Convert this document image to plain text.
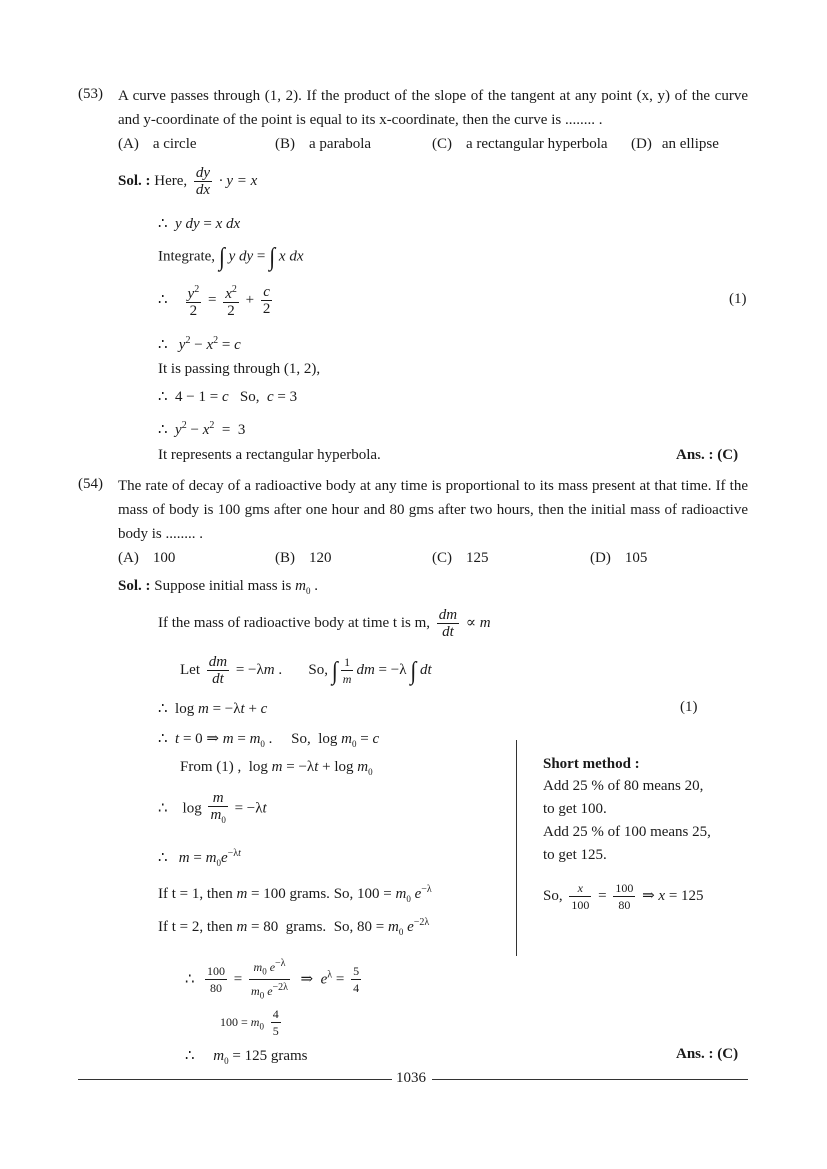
(53) A curve passes through (1, 2). If the product of the slope of the tangent at any point (x, y) of the curve and y-coordinate of the point is equal to its x-coordinate, then the curve is ........ .
(A) a circle	(B) a parabola	(C) a rectangular hyperbola (D) an ellipse
Sol. : Here, $\frac{dy}{dx} \cdot y = x$
∴  y dy = x dx
Integrate, ∫ y dy = ∫ x dx
∴ $\frac{y^2}{2} = \frac{x^2}{2} + \frac{c}{2}$	(1)
∴   $y^2 - x^2 = c$
It is passing through (1, 2),
∴  4 − 1 = c So, c = 3
∴  $y^2 - x^2 = 3$
It represents a rectangular hyperbola.	Ans. : (C)
(54) The rate of decay of a radioactive body at any time is proportional to its mass present at that time. If the mass of body is 100 gms after one hour and 80 gms after two hours, then the initial mass of radioactive body is ........ .
(A) 100	(B) 120	(C) 125	(D) 105
Sol. : Suppose initial mass is $m_0$ .
If the mass of radioactive body at time t is m, $\frac{dm}{dt} \propto m$
Let $\frac{dm}{dt} = -\lambda m$ .       So, ∫ $\frac{1}{m}$ dm = −λ ∫ dt
∴  log m = −λt + c	(1)
∴  t = 0 ⇒ $m = m_0$ .     So,  $\log m_0 = c$
From (1) ,  $\log m = -\lambda t + \log m_0$
∴    $\log \frac{m}{m_0} = -\lambda t$
∴   $m = m_0e^{-\lambda t}$
If t = 1, then m = 100 grams. So, $100 = m_0$ $e^{-\lambda}$
If t = 2, then m = 80  grams. So, $80 = m_0$ $e^{-2\lambda}$
∴ $\frac{100}{80} = \frac{m_0 e^{-\lambda}}{m_0 e^{-2\lambda}}$ ⇒  $e^\lambda = \frac{5}{4}$
$100 = m_0 \frac{4}{5}$
∴     $m_0 = 125$ grams	Ans. : (C)
Short method :
Add 25 % of 80 means 20,
to get 100.
Add 25 % of 100 means 25,
to get 125.
So, $\frac{x}{100} = \frac{100}{80}$ ⇒ x = 125
1036
